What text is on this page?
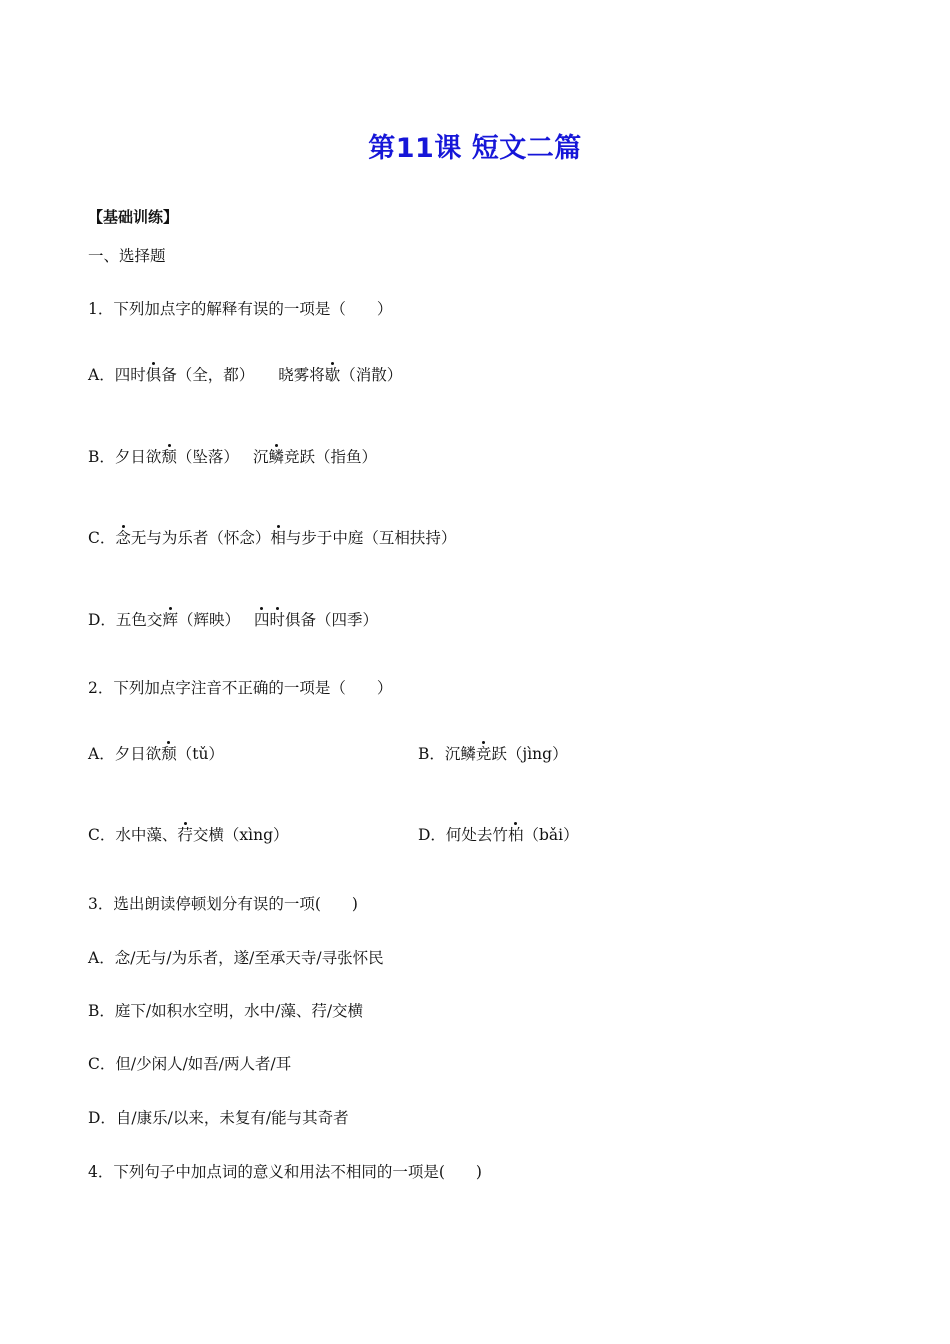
第11课 短文二篇
【基础训练】
一、选择题
1．下列加点字的解释有误的一项是（　　）
A．四时俱备（全，都） 晓雾将歇（消散）
B．夕日欲颓（坠落） 沉鳞竞跃（指鱼）
C．念无与为乐者（怀念）相与步于中庭（互相扶持）
D．五色交辉（辉映） 四时俱备（四季）
2．下列加点字注音不正确的一项是（　　）
A．夕日欲颓（tǔ）	B．沉鳞竞跃（jìng）
C．水中藻、荇交横（xìng）	D．何处去竹柏（bǎi）
3．选出朗读停顿划分有误的一项(　　)
A．念/无与/为乐者，遂/至承天寺/寻张怀民
B．庭下/如积水空明，水中/藻、荇/交横
C．但/少闲人/如吾/两人者/耳
D．自/康乐/以来，未复有/能与其奇者
4．下列句子中加点词的意义和用法不相同的一项是(　　)
